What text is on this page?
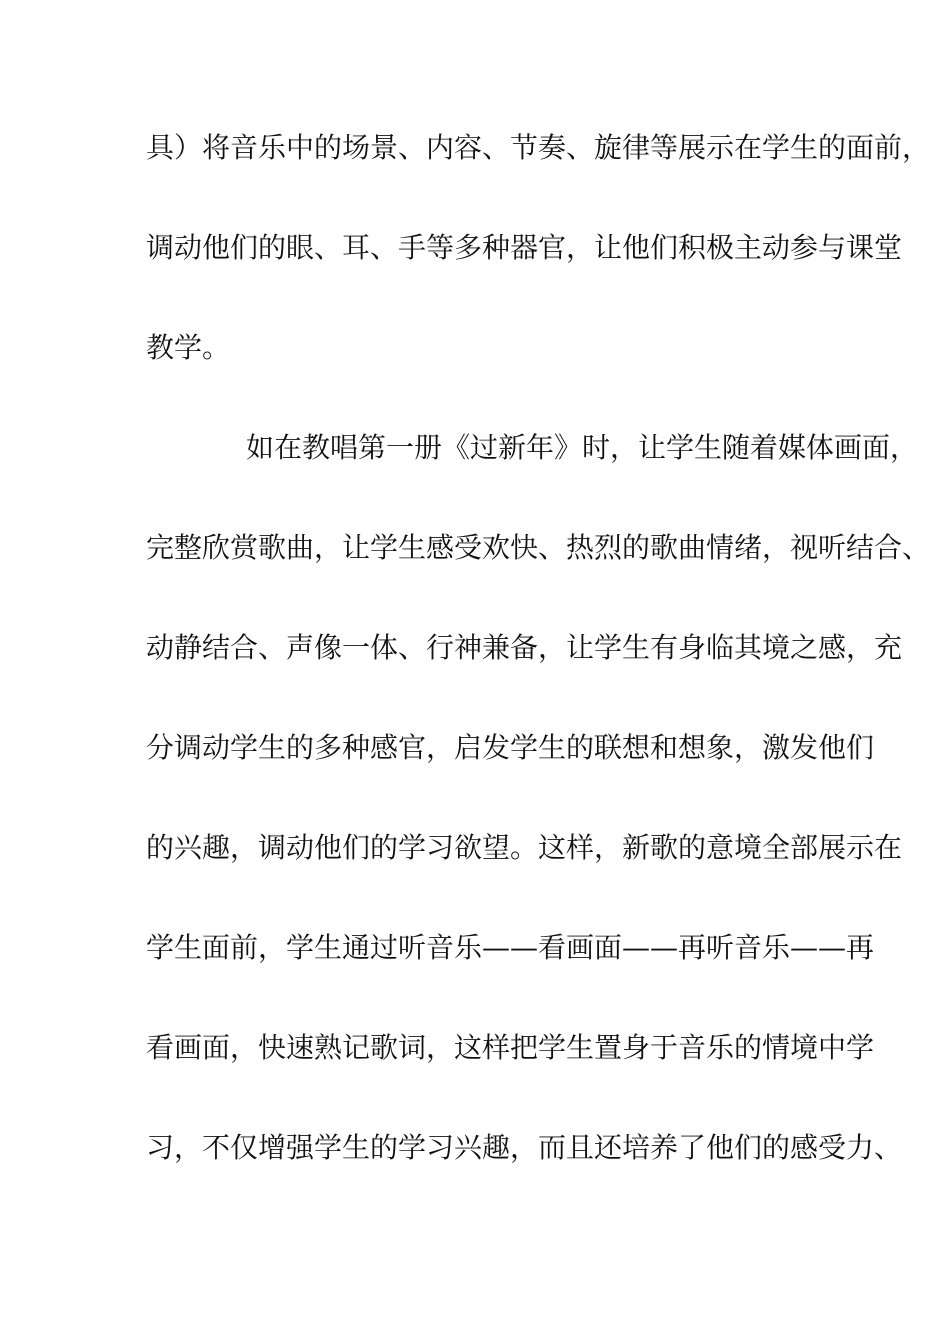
具）将音乐中的场景、内容、节奏、旋律等展示在学生的面前，

调动他们的眼、耳、手等多种器官，让他们积极主动参与课堂

教学。

如在教唱第一册《过新年》时，让学生随着媒体画面，

完整欣赏歌曲，让学生感受欢快、热烈的歌曲情绪，视听结合、

动静结合、声像一体、行神兼备，让学生有身临其境之感，充

分调动学生的多种感官，启发学生的联想和想象，激发他们

的兴趣，调动他们的学习欲望。这样，新歌的意境全部展示在

学生面前，学生通过听音乐——看画面——再听音乐——再

看画面，快速熟记歌词，这样把学生置身于音乐的情境中学

习，不仅增强学生的学习兴趣，而且还培养了他们的感受力、
